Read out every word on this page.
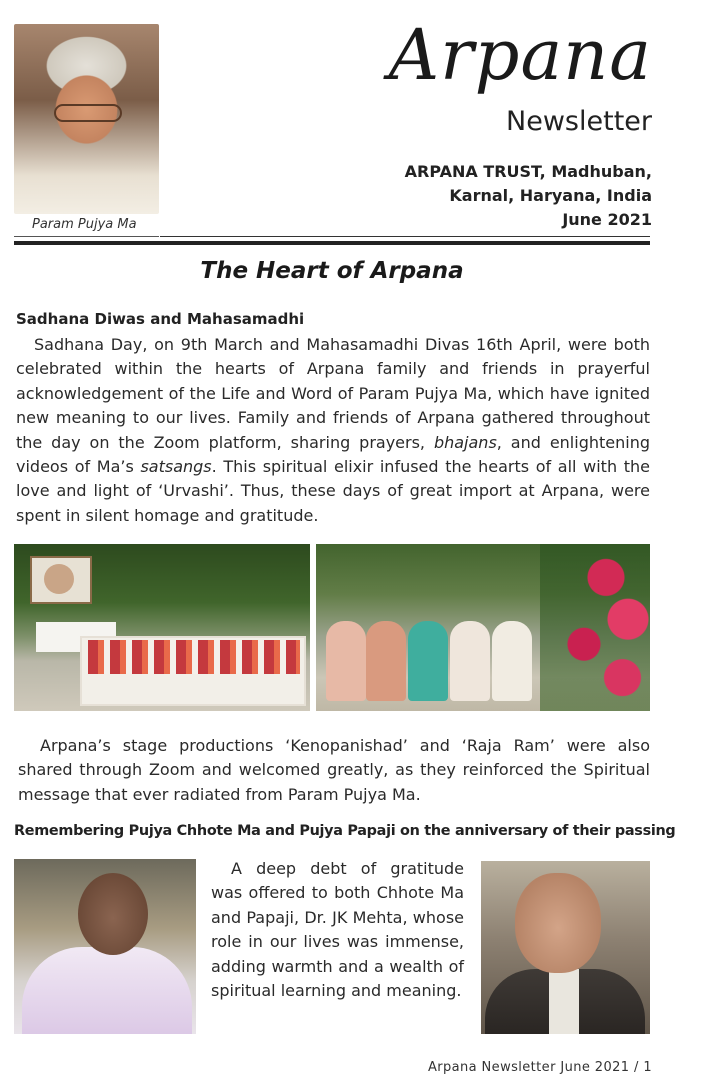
Param Pujya Ma
Arpana
Newsletter
ARPANA TRUST, Madhuban,
Karnal, Haryana, India
June 2021
The Heart of Arpana
Sadhana Diwas and Mahasamadhi

Sadhana Day, on 9th March and Mahasamadhi Divas 16th April, were both celebrated within the hearts of Arpana family and friends in prayerful acknowledgement of the Life and Word of Param Pujya Ma, which have ignited new meaning to our lives. Family and friends of Arpana gathered throughout the day on the Zoom platform, sharing prayers, bhajans, and enlightening videos of Ma’s satsangs. This spiritual elixir infused the hearts of all with the love and light of ‘Urvashi’. Thus, these days of great import at Arpana, were spent in silent homage and gratitude.

Arpana’s stage productions ‘Kenopanishad’ and ‘Raja Ram’ were also shared through Zoom and welcomed greatly, as they reinforced the Spiritual message that ever radiated from Param Pujya Ma.

Remembering Pujya Chhote Ma and Pujya Papaji on the anniversary of their passing

A deep debt of gratitude was offered to both Chhote Ma and Papaji, Dr. JK Mehta, whose role in our lives was immense, adding warmth and a wealth of spiritual learning and meaning.

Arpana Newsletter June 2021 / 1
